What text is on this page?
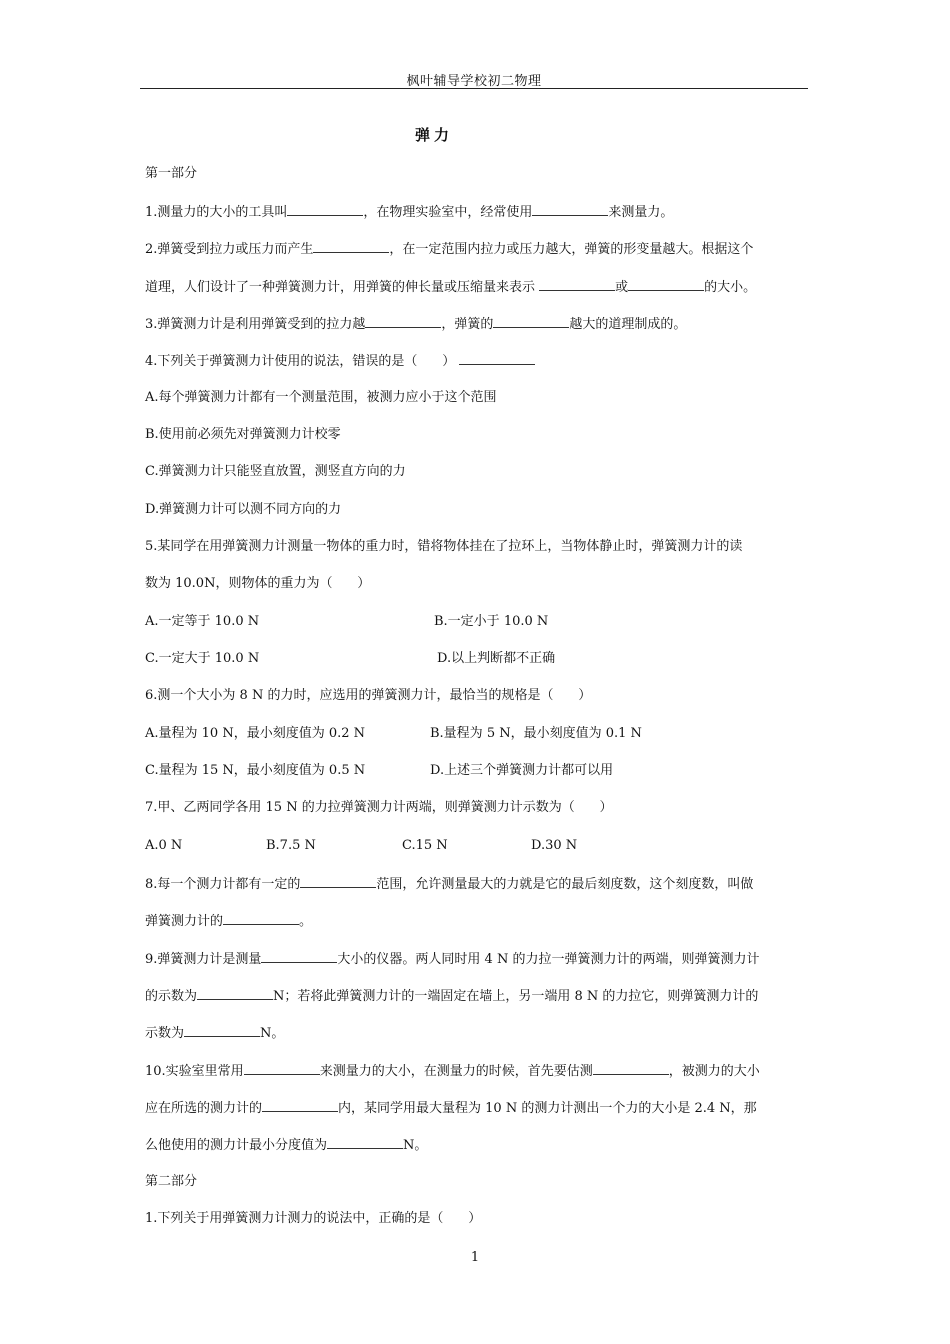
枫叶辅导学校初二物理
弹力
第一部分
1.测量力的大小的工具叫	，在物理实验室中，经常使用	来测量力。
2.弹簧受到拉力或压力而产生	，在一定范围内拉力或压力越大，弹簧的形变量越大。根据这个
道理，人们设计了一种弹簧测力计，用弹簧的伸长量或压缩量来表示	或	的大小。
3.弹簧测力计是利用弹簧受到的拉力越	，弹簧的	越大的道理制成的。
4.下列关于弹簧测力计使用的说法，错误的是（      ）
A.每个弹簧测力计都有一个测量范围，被测力应小于这个范围
B.使用前必须先对弹簧测力计校零
C.弹簧测力计只能竖直放置，测竖直方向的力
D.弹簧测力计可以测不同方向的力
5.某同学在用弹簧测力计测量一物体的重力时，错将物体挂在了拉环上，当物体静止时，弹簧测力计的读
数为 10.0N，则物体的重力为（      ）
A.一定等于 10.0 N	B.一定小于 10.0 N
C.一定大于 10.0 N	D.以上判断都不正确
6.测一个大小为 8 N 的力时，应选用的弹簧测力计，最恰当的规格是（      ）
A.量程为 10 N，最小刻度值为 0.2 N	B.量程为 5 N，最小刻度值为 0.1 N
C.量程为 15 N，最小刻度值为 0.5 N	D.上述三个弹簧测力计都可以用
7.甲、乙两同学各用 15 N 的力拉弹簧测力计两端，则弹簧测力计示数为（      ）
A.0 N	B.7.5 N	C.15 N	D.30 N
8.每一个测力计都有一定的	范围，允许测量最大的力就是它的最后刻度数，这个刻度数，叫做
弹簧测力计的	。
9.弹簧测力计是测量	大小的仪器。两人同时用 4 N 的力拉一弹簧测力计的两端，则弹簧测力计
的示数为	N；若将此弹簧测力计的一端固定在墙上，另一端用 8 N 的力拉它，则弹簧测力计的
示数为	N。
10.实验室里常用	来测量力的大小，在测量力的时候，首先要估测	，被测力的大小
应在所选的测力计的	内，某同学用最大量程为 10 N 的测力计测出一个力的大小是 2.4 N，那
么他使用的测力计最小分度值为	N。
第二部分
1.下列关于用弹簧测力计测力的说法中，正确的是（      ）
1
